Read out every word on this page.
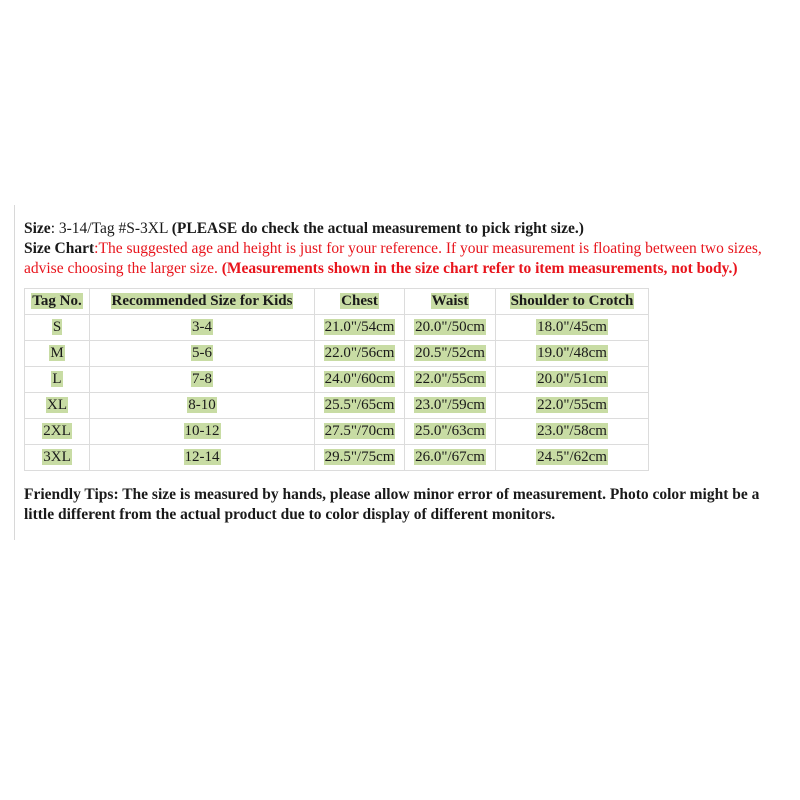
Size: 3-14/Tag #S-3XL (PLEASE do check the actual measurement to pick right size.)
Size Chart:The suggested age and height is just for your reference. If your measurement is floating between two sizes,
advise choosing the larger size. (Measurements shown in the size chart refer to item measurements, not body.)
Tag No.	Recommended Size for Kids	Chest	Waist	Shoulder to Crotch
S	3-4	21.0"/54cm	20.0"/50cm	18.0"/45cm
M	5-6	22.0"/56cm	20.5"/52cm	19.0"/48cm
L	7-8	24.0"/60cm	22.0"/55cm	20.0"/51cm
XL	8-10	25.5"/65cm	23.0"/59cm	22.0"/55cm
2XL	10-12	27.5"/70cm	25.0"/63cm	23.0"/58cm
3XL	12-14	29.5"/75cm	26.0"/67cm	24.5"/62cm
Friendly Tips: The size is measured by hands, please allow minor error of measurement. Photo color might be a
little different from the actual product due to color display of different monitors.
